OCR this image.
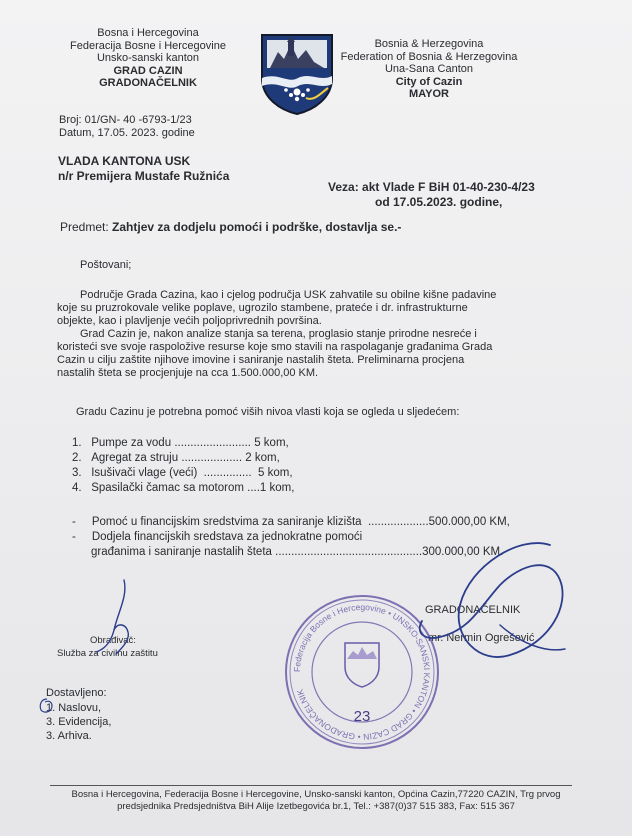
Bosna i Hercegovina
Federacija Bosne i Hercegovine
Unsko-sanski kanton
GRAD CAZIN
GRADONAČELNIK
Bosnia & Herzegovina
Federation of Bosnia & Herzegovina
Una-Sana Canton
City of Cazin
MAYOR
Broj: 01/GN- 40 -6793-1/23
Datum, 17.05. 2023. godine
VLADA KANTONA USK
n/r Premijera Mustafe Ružnića
Veza: akt Vlade F BiH 01-40-230-4/23
od 17.05.2023. godine,
Predmet: Zahtjev za dodjelu pomoći i podrške, dostavlja se.-
Poštovani;
Područje Grada Cazina, kao i cjelog područja USK zahvatile su obilne kišne padavine
koje su pruzrokovale velike poplave, ugrozilo stambene, prateće i dr. infrastrukturne
objekte, kao i plavljenje većih poljoprivrednih površina.
Grad Cazin je, nakon analize stanja sa terena, proglasio stanje prirodne nesreće i
koristeći sve svoje raspoložive resurse koje smo stavili na raspolaganje građanima Grada
Cazin u cilju zaštite njihove imovine i saniranje nastalih šteta. Preliminarna procjena
nastalih šteta se procjenjuje na cca 1.500.000,00 KM.
Gradu Cazinu je potrebna pomoć viših nivoa vlasti koja se ogleda u sljedećem:
1. Pumpe za vodu ........................ 5 kom,
2. Agregat za struju ................... 2 kom,
3. Isušivači vlage (veći) ............... 5 kom,
4. Spasilački čamac sa motorom ....1 kom,
- Pomoć u financijskim sredstvima za saniranje klizišta ...................500.000,00 KM,
- Dodjela financijskih sredstava za jednokratne pomoći
građanima i saniranje nastalih šteta ..............................................300.000,00 KM.
GRADONAČELNIK
mr. Nermin Ogrešević
Obrađivač:
Služba za civilnu zaštitu
Dostavljeno:
1. Naslovu,
3. Evidencija,
3. Arhiva.
Federacija Bosne i Hercegovine • UNSKO-SANSKI KANTON • GRAD CAZIN • GRADONAČELNIK
23
Bosna i Hercegovina, Federacija Bosne i Hercegovine, Unsko-sanski kanton, Općina Cazin,77220 CAZIN, Trg prvog
predsjednika Predsjedništva BiH Alije Izetbegovića br.1, Tel.: +387(0)37 515 383, Fax: 515 367
